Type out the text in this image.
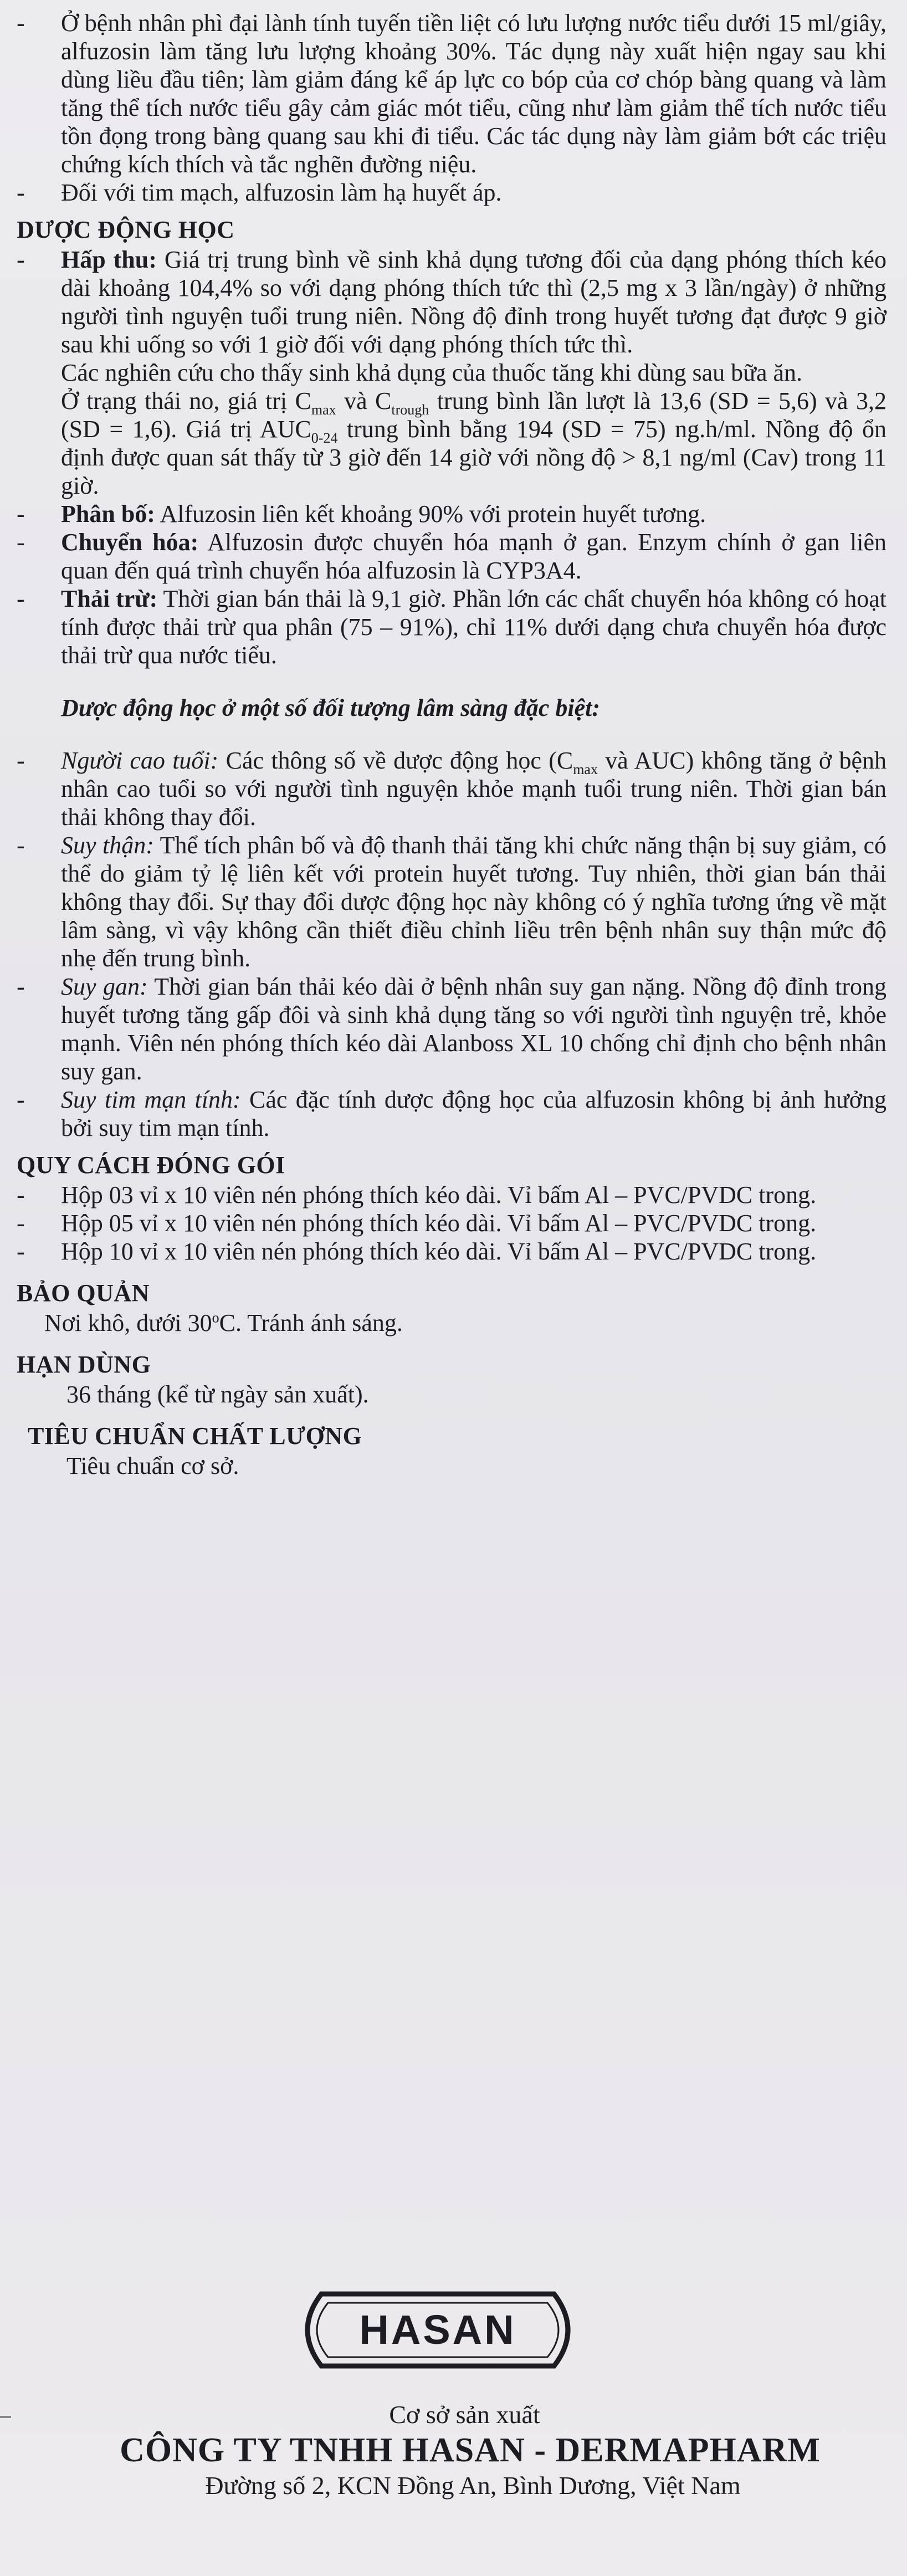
- Ở bệnh nhân phì đại lành tính tuyến tiền liệt có lưu lượng nước tiểu dưới 15 ml/giây, alfuzosin làm tăng lưu lượng khoảng 30%. Tác dụng này xuất hiện ngay sau khi dùng liều đầu tiên; làm giảm đáng kể áp lực co bóp của cơ chóp bàng quang và làm tăng thể tích nước tiểu gây cảm giác mót tiểu, cũng như làm giảm thể tích nước tiểu tồn đọng trong bàng quang sau khi đi tiểu. Các tác dụng này làm giảm bớt các triệu chứng kích thích và tắc nghẽn đường niệu.

- Đối với tim mạch, alfuzosin làm hạ huyết áp.

DƯỢC ĐỘNG HỌC

- Hấp thu: Giá trị trung bình về sinh khả dụng tương đối của dạng phóng thích kéo dài khoảng 104,4% so với dạng phóng thích tức thì (2,5 mg x 3 lần/ngày) ở những người tình nguyện tuổi trung niên. Nồng độ đỉnh trong huyết tương đạt được 9 giờ sau khi uống so với 1 giờ đối với dạng phóng thích tức thì.

Các nghiên cứu cho thấy sinh khả dụng của thuốc tăng khi dùng sau bữa ăn.

Ở trạng thái no, giá trị $C_{max}$ và $C_{trough}$ trung bình lần lượt là 13,6 (SD = 5,6) và 3,2 (SD = 1,6). Giá trị $AUC_{0-24}$ trung bình bằng 194 (SD = 75) ng.h/ml. Nồng độ ổn định được quan sát thấy từ 3 giờ đến 14 giờ với nồng độ > 8,1 ng/ml (Cav) trong 11 giờ.

- Phân bố: Alfuzosin liên kết khoảng 90% với protein huyết tương.

- Chuyển hóa: Alfuzosin được chuyển hóa mạnh ở gan. Enzym chính ở gan liên quan đến quá trình chuyển hóa alfuzosin là CYP3A4.

- Thải trừ: Thời gian bán thải là 9,1 giờ. Phần lớn các chất chuyển hóa không có hoạt tính được thải trừ qua phân (75 – 91%), chỉ 11% dưới dạng chưa chuyển hóa được thải trừ qua nước tiểu.

Dược động học ở một số đối tượng lâm sàng đặc biệt:

- Người cao tuổi: Các thông số về dược động học ($C_{max}$ và AUC) không tăng ở bệnh nhân cao tuổi so với người tình nguyện khỏe mạnh tuổi trung niên. Thời gian bán thải không thay đổi.

- Suy thận: Thể tích phân bố và độ thanh thải tăng khi chức năng thận bị suy giảm, có thể do giảm tỷ lệ liên kết với protein huyết tương. Tuy nhiên, thời gian bán thải không thay đổi. Sự thay đổi dược động học này không có ý nghĩa tương ứng về mặt lâm sàng, vì vậy không cần thiết điều chỉnh liều trên bệnh nhân suy thận mức độ nhẹ đến trung bình.

- Suy gan: Thời gian bán thải kéo dài ở bệnh nhân suy gan nặng. Nồng độ đỉnh trong huyết tương tăng gấp đôi và sinh khả dụng tăng so với người tình nguyện trẻ, khỏe mạnh. Viên nén phóng thích kéo dài Alanboss XL 10 chống chỉ định cho bệnh nhân suy gan.

- Suy tim mạn tính: Các đặc tính dược động học của alfuzosin không bị ảnh hưởng bởi suy tim mạn tính.

QUY CÁCH ĐÓNG GÓI

- Hộp 03 vỉ x 10 viên nén phóng thích kéo dài. Vỉ bấm Al – PVC/PVDC trong.

- Hộp 05 vỉ x 10 viên nén phóng thích kéo dài. Vỉ bấm Al – PVC/PVDC trong.

- Hộp 10 vỉ x 10 viên nén phóng thích kéo dài. Vỉ bấm Al – PVC/PVDC trong.

BẢO QUẢN

Nơi khô, dưới 30$^o$C. Tránh ánh sáng.

HẠN DÙNG

36 tháng (kể từ ngày sản xuất).

TIÊU CHUẨN CHẤT LƯỢNG

Tiêu chuẩn cơ sở.

HASAN
Cơ sở sản xuất
CÔNG TY TNHH HASAN - DERMAPHARM
Đường số 2, KCN Đồng An, Bình Dương, Việt Nam
